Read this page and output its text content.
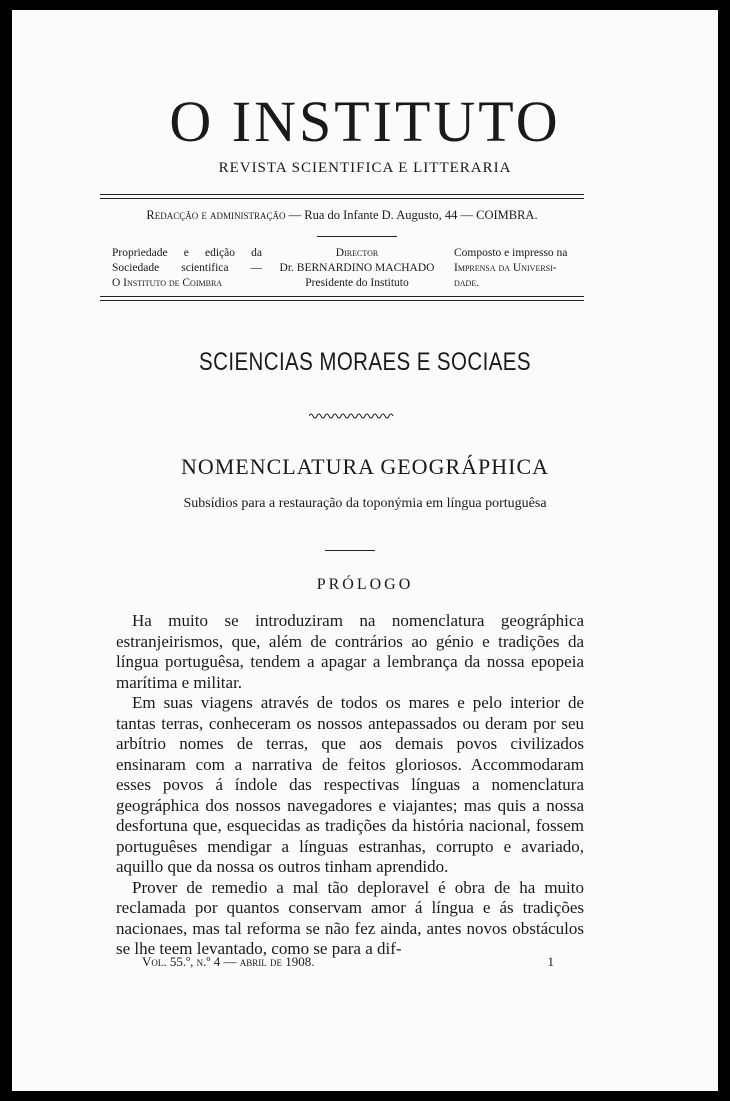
O INSTITUTO
REVISTA SCIENTIFICA E LITTERARIA
Redacção e administração — Rua do Infante D. Augusto, 44 — COIMBRA.
Propriedade e edição da
Sociedade scientifica —
O Instituto de Coimbra
Director
Dr. BERNARDINO MACHADO
Presidente do Instituto
Composto e impresso na
Imprensa da Universi-
dade.
SCIENCIAS MORAES E SOCIAES
NOMENCLATURA GEOGRÁPHICA
Subsídios para a restauração da toponýmia em língua portuguêsa
PRÓLOGO

Ha muito se introduziram na nomenclatura geográphica estranjeirismos, que, além de contrários ao génio e tradições da língua portuguêsa, tendem a apagar a lembrança da nossa epopeia marítima e militar.

Em suas viagens através de todos os mares e pelo interior de tantas terras, conheceram os nossos antepassados ou deram por seu arbítrio nomes de terras, que aos demais povos civilizados ensinaram com a narrativa de feitos gloriosos. Accommodaram esses povos á índole das respectivas línguas a nomenclatura geográphica dos nossos navegadores e viajantes; mas quis a nossa desfortuna que, esquecidas as tradições da história nacional, fossem portuguêses mendigar a línguas estranhas, corrupto e avariado, aquillo que da nossa os outros tinham aprendido.

Prover de remedio a mal tão deploravel é obra de ha muito reclamada por quantos conservam amor á língua e ás tradições nacionaes, mas tal reforma se não fez ainda, antes novos obstáculos se lhe teem levantado, como se para a dif-

Vol. 55.º, n.º 4 — abril de 1908.	1
